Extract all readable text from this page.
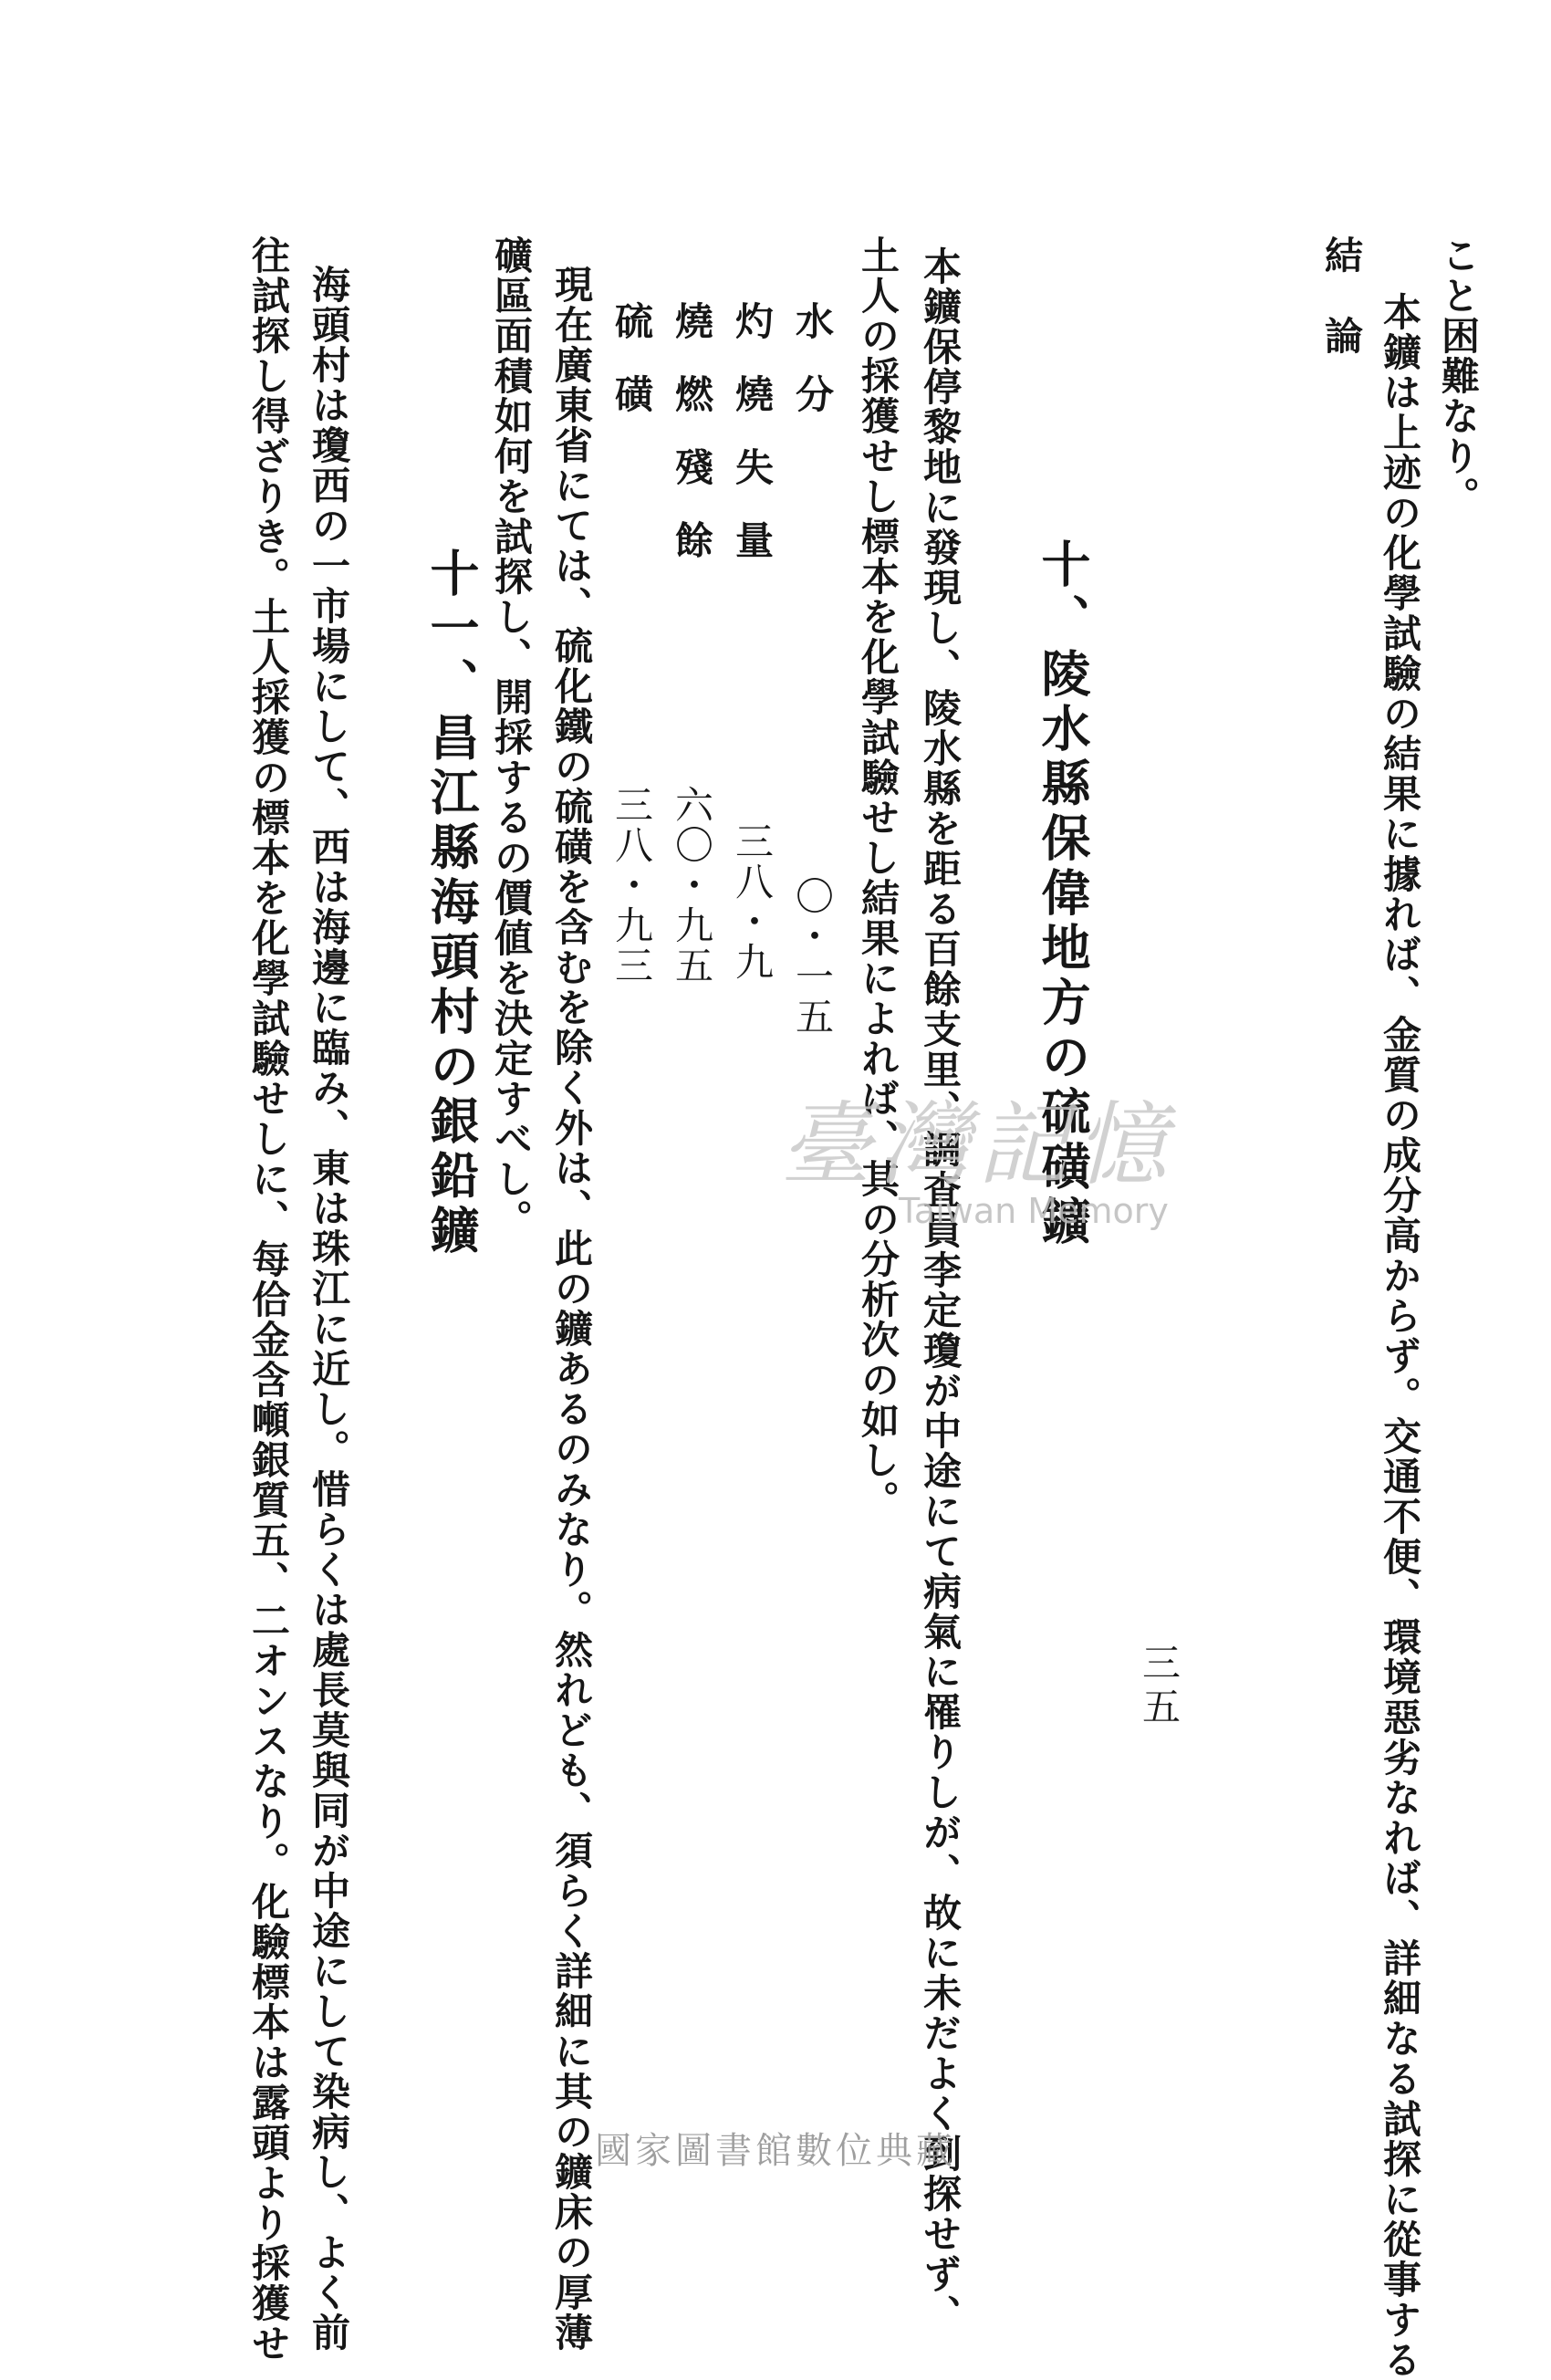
結　論 本鑛は上迹の化學試驗の結果に據れば、金質の成分高からず。交通不便、環境惡劣なれば、詳細なる試探に從事する こと困難なり。
十、陵水縣保偉地方の硫磺鑛
本鑛保停黎地に發現し、陵水縣を距る百餘支里、調査員李定瓊が中途にて病氣に罹りしが、故に未だよく到探せず、
土人の採獲せし標本を化學試驗せし結果によれば、其の分析次の如し。
水分
〇・一五
灼燒失量
三八・九
燒燃殘餘
六〇・九五
硫磺
三八・九三
現在廣東省にては、硫化鐵の硫磺を含むを除く外は、此の鑛あるのみなり。然れども、須らく詳細に其の鑛床の厚薄
礦區面積如何を試探し、開採するの價値を決定すべし。
十一、昌江縣海頭村の銀鉛鑛
海頭村は瓊西の一市場にして、西は海邊に臨み、東は珠江に近し。惜らくは處長莫與同が中途にして染病し、よく前
往試探し得ざりき。土人採獲の標本を化學試驗せしに、每佮金含噸銀質五、二オンスなり。化驗標本は露頭より採獲せ	三五
臺灣記憶
Taiwan Memory
國家圖書館數位典藏
